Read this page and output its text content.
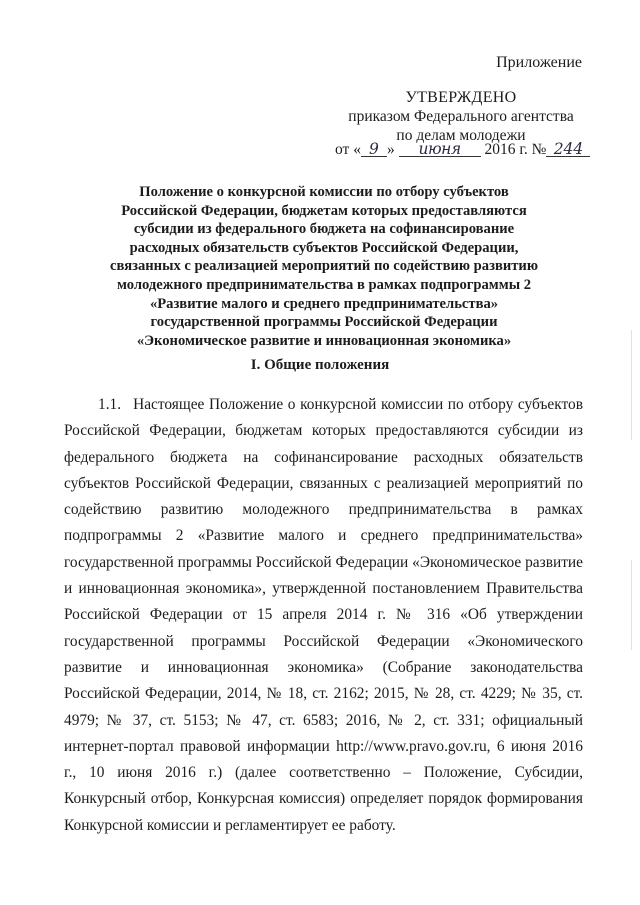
Приложение
УТВЕРЖДЕНО
приказом Федерального агентства
по делам молодежи
от « 9 » июня 2016 г. № 244
Положение о конкурсной комиссии по отбору субъектов
Российской Федерации, бюджетам которых предоставляются
субсидии из федерального бюджета на софинансирование
расходных обязательств субъектов Российской Федерации,
связанных с реализацией мероприятий по содействию развитию
молодежного предпринимательства в рамках подпрограммы 2
«Развитие малого и среднего предпринимательства»
государственной программы Российской Федерации
«Экономическое развитие и инновационная экономика»
I. Общие положения

1.1. Настоящее Положение о конкурсной комиссии по отбору субъектов Российской Федерации, бюджетам которых предоставляются субсидии из федерального бюджета на софинансирование расходных обязательств субъектов Российской Федерации, связанных с реализацией мероприятий по содействию развитию молодежного предпринимательства в рамках подпрограммы 2 «Развитие малого и среднего предпринимательства» государственной программы Российской Федерации «Экономическое развитие и инновационная экономика», утвержденной постановлением Правительства Российской Федерации от 15 апреля 2014 г. № 316 «Об утверждении государственной программы Российской Федерации «Экономического развитие и инновационная экономика» (Собрание законодательства Российской Федерации, 2014, № 18, ст. 2162; 2015, № 28, ст. 4229; № 35, ст. 4979; № 37, ст. 5153; № 47, ст. 6583; 2016, № 2, ст. 331; официальный интернет-портал правовой информации http://www.pravo.gov.ru, 6 июня 2016 г., 10 июня 2016 г.) (далее соответственно – Положение, Субсидии, Конкурсный отбор, Конкурсная комиссия) определяет порядок формирования Конкурсной комиссии и регламентирует ее работу.
